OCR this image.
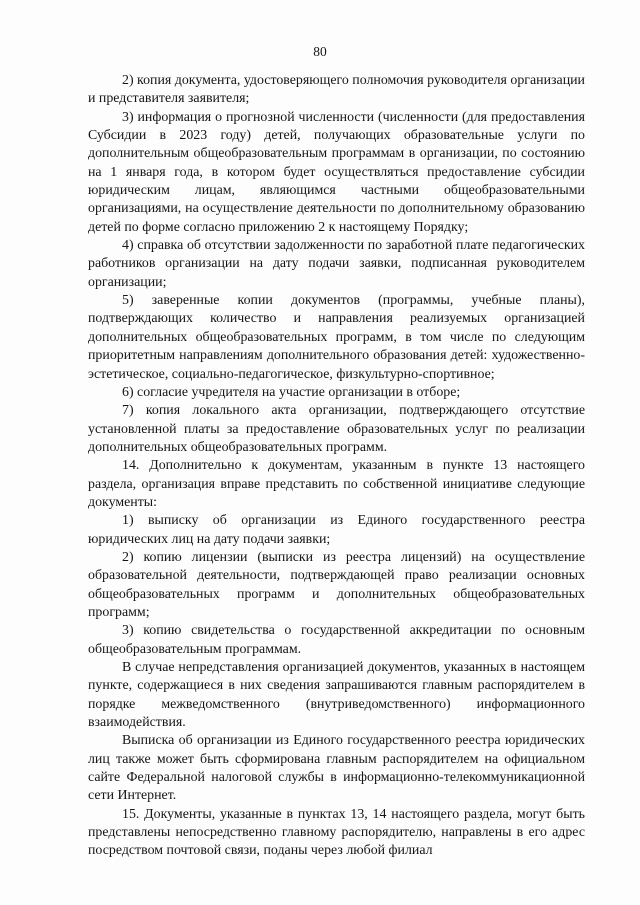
80

2) копия документа, удостоверяющего полномочия руководителя организации и представителя заявителя;

3) информация о прогнозной численности (численности (для предоставления Субсидии в 2023 году) детей, получающих образовательные услуги по дополнительным общеобразовательным программам в организации, по состоянию на 1 января года, в котором будет осуществляться предоставление субсидии юридическим лицам, являющимся частными общеобразовательными организациями, на осуществление деятельности по дополнительному образованию детей по форме согласно приложению 2 к настоящему Порядку;

4) справка об отсутствии задолженности по заработной плате педагогических работников организации на дату подачи заявки, подписанная руководителем организации;

5) заверенные копии документов (программы, учебные планы), подтверждающих количество и направления реализуемых организацией дополнительных общеобразовательных программ, в том числе по следующим приоритетным направлениям дополнительного образования детей: художественно-эстетическое, социально-педагогическое, физкультурно-спортивное;

6) согласие учредителя на участие организации в отборе;

7) копия локального акта организации, подтверждающего отсутствие установленной платы за предоставление образовательных услуг по реализации дополнительных общеобразовательных программ.

14. Дополнительно к документам, указанным в пункте 13 настоящего раздела, организация вправе представить по собственной инициативе следующие документы:

1) выписку об организации из Единого государственного реестра юридических лиц на дату подачи заявки;

2) копию лицензии (выписки из реестра лицензий) на осуществление образовательной деятельности, подтверждающей право реализации основных общеобразовательных программ и дополнительных общеобразовательных программ;

3) копию свидетельства о государственной аккредитации по основным общеобразовательным программам.

В случае непредставления организацией документов, указанных в настоящем пункте, содержащиеся в них сведения запрашиваются главным распорядителем в порядке межведомственного (внутриведомственного) информационного взаимодействия.

Выписка об организации из Единого государственного реестра юридических лиц также может быть сформирована главным распорядителем на официальном сайте Федеральной налоговой службы в информационно-телекоммуникационной сети Интернет.

15. Документы, указанные в пунктах 13, 14 настоящего раздела, могут быть представлены непосредственно главному распорядителю, направлены в его адрес посредством почтовой связи, поданы через любой филиал
